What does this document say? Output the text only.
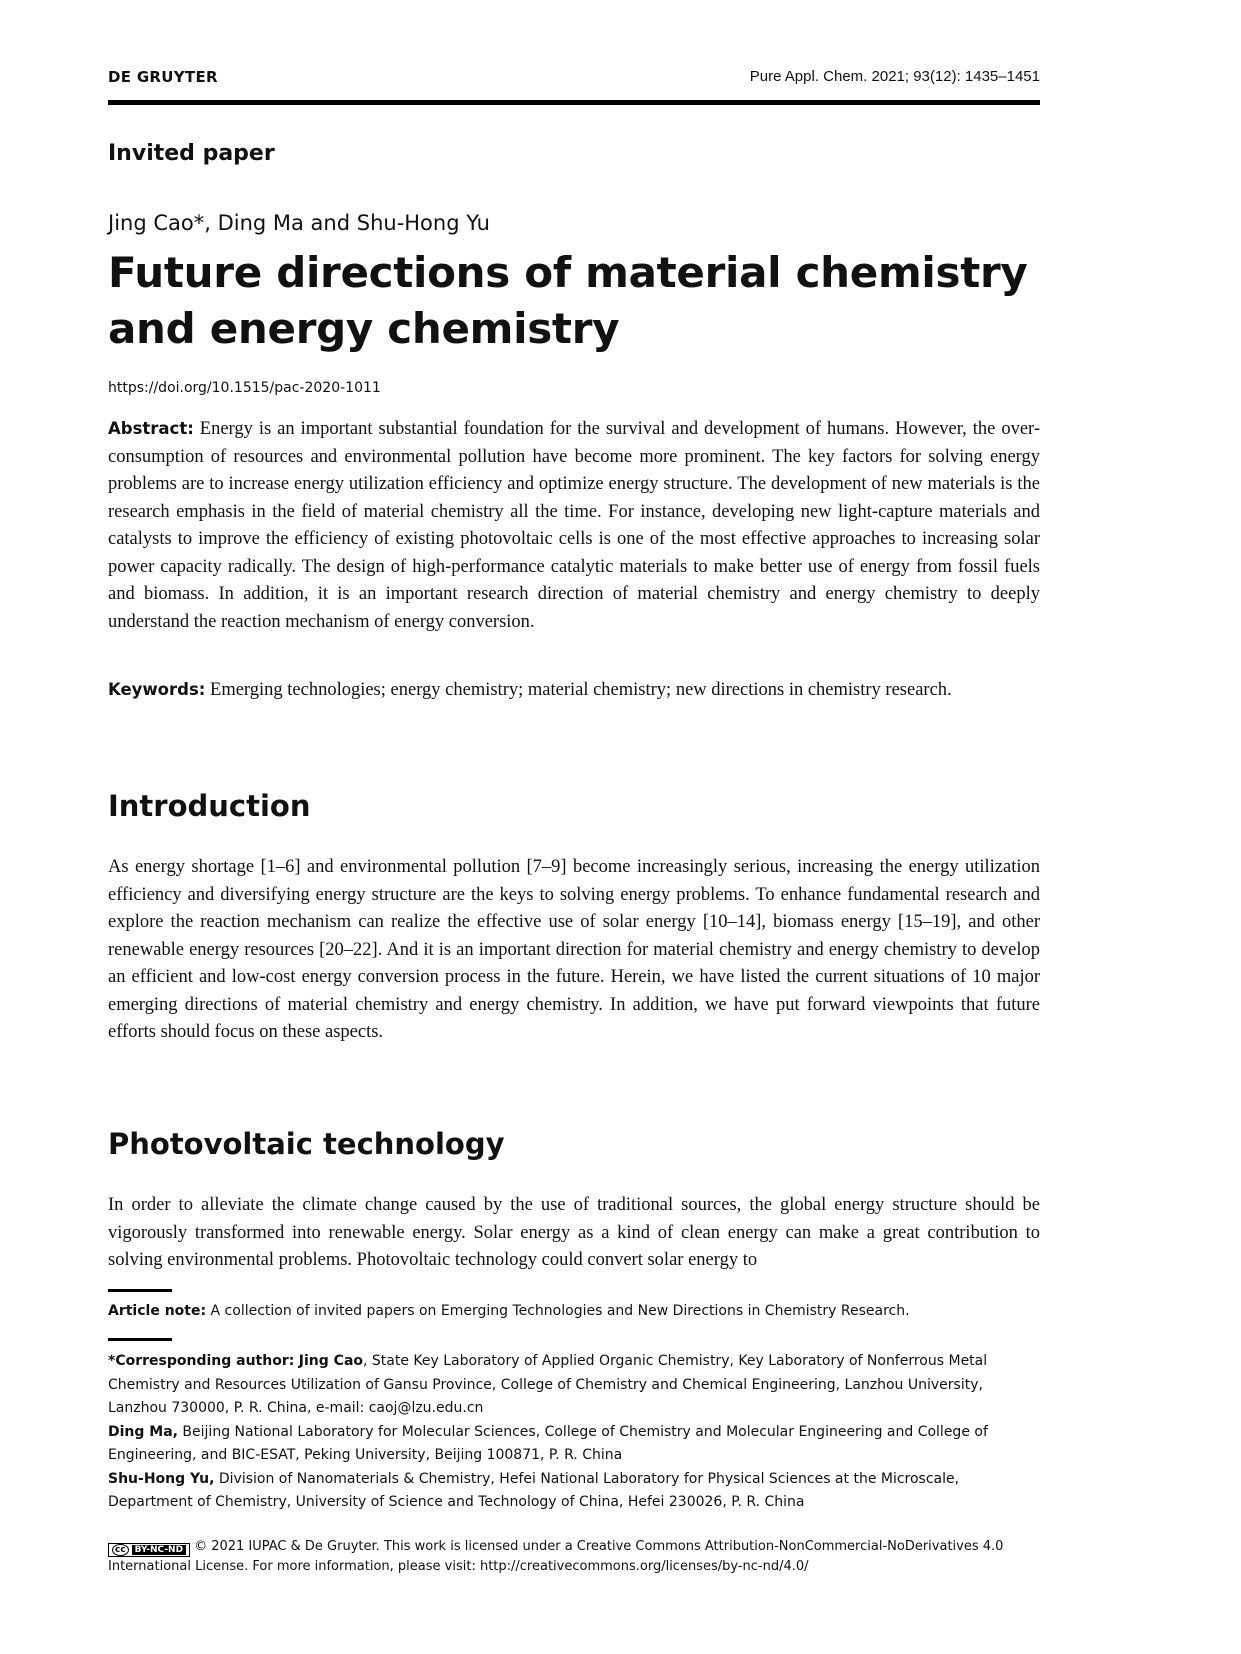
DE GRUYTER	Pure Appl. Chem. 2021; 93(12): 1435–1451
Invited paper
Jing Cao*, Ding Ma and Shu-Hong Yu
Future directions of material chemistry and energy chemistry
https://doi.org/10.1515/pac-2020-1011

Abstract: Energy is an important substantial foundation for the survival and development of humans. However, the over-consumption of resources and environmental pollution have become more prominent. The key factors for solving energy problems are to increase energy utilization efficiency and optimize energy structure. The development of new materials is the research emphasis in the field of material chemistry all the time. For instance, developing new light-capture materials and catalysts to improve the efficiency of existing photovoltaic cells is one of the most effective approaches to increasing solar power capacity radically. The design of high-performance catalytic materials to make better use of energy from fossil fuels and biomass. In addition, it is an important research direction of material chemistry and energy chemistry to deeply understand the reaction mechanism of energy conversion.

Keywords: Emerging technologies; energy chemistry; material chemistry; new directions in chemistry research.

Introduction

As energy shortage [1–6] and environmental pollution [7–9] become increasingly serious, increasing the energy utilization efficiency and diversifying energy structure are the keys to solving energy problems. To enhance fundamental research and explore the reaction mechanism can realize the effective use of solar energy [10–14], biomass energy [15–19], and other renewable energy resources [20–22]. And it is an important direction for material chemistry and energy chemistry to develop an efficient and low-cost energy conversion process in the future. Herein, we have listed the current situations of 10 major emerging directions of material chemistry and energy chemistry. In addition, we have put forward viewpoints that future efforts should focus on these aspects.

Photovoltaic technology

In order to alleviate the climate change caused by the use of traditional sources, the global energy structure should be vigorously transformed into renewable energy. Solar energy as a kind of clean energy can make a great contribution to solving environmental problems. Photovoltaic technology could convert solar energy to

Article note: A collection of invited papers on Emerging Technologies and New Directions in Chemistry Research.

*Corresponding author: Jing Cao, State Key Laboratory of Applied Organic Chemistry, Key Laboratory of Nonferrous Metal Chemistry and Resources Utilization of Gansu Province, College of Chemistry and Chemical Engineering, Lanzhou University, Lanzhou 730000, P. R. China, e-mail: caoj@lzu.edu.cn
Ding Ma, Beijing National Laboratory for Molecular Sciences, College of Chemistry and Molecular Engineering and College of Engineering, and BIC-ESAT, Peking University, Beijing 100871, P. R. China
Shu-Hong Yu, Division of Nanomaterials & Chemistry, Hefei National Laboratory for Physical Sciences at the Microscale, Department of Chemistry, University of Science and Technology of China, Hefei 230026, P. R. China

cc BY-NC-ND © 2021 IUPAC & De Gruyter. This work is licensed under a Creative Commons Attribution-NonCommercial-NoDerivatives 4.0 International License. For more information, please visit: http://creativecommons.org/licenses/by-nc-nd/4.0/
